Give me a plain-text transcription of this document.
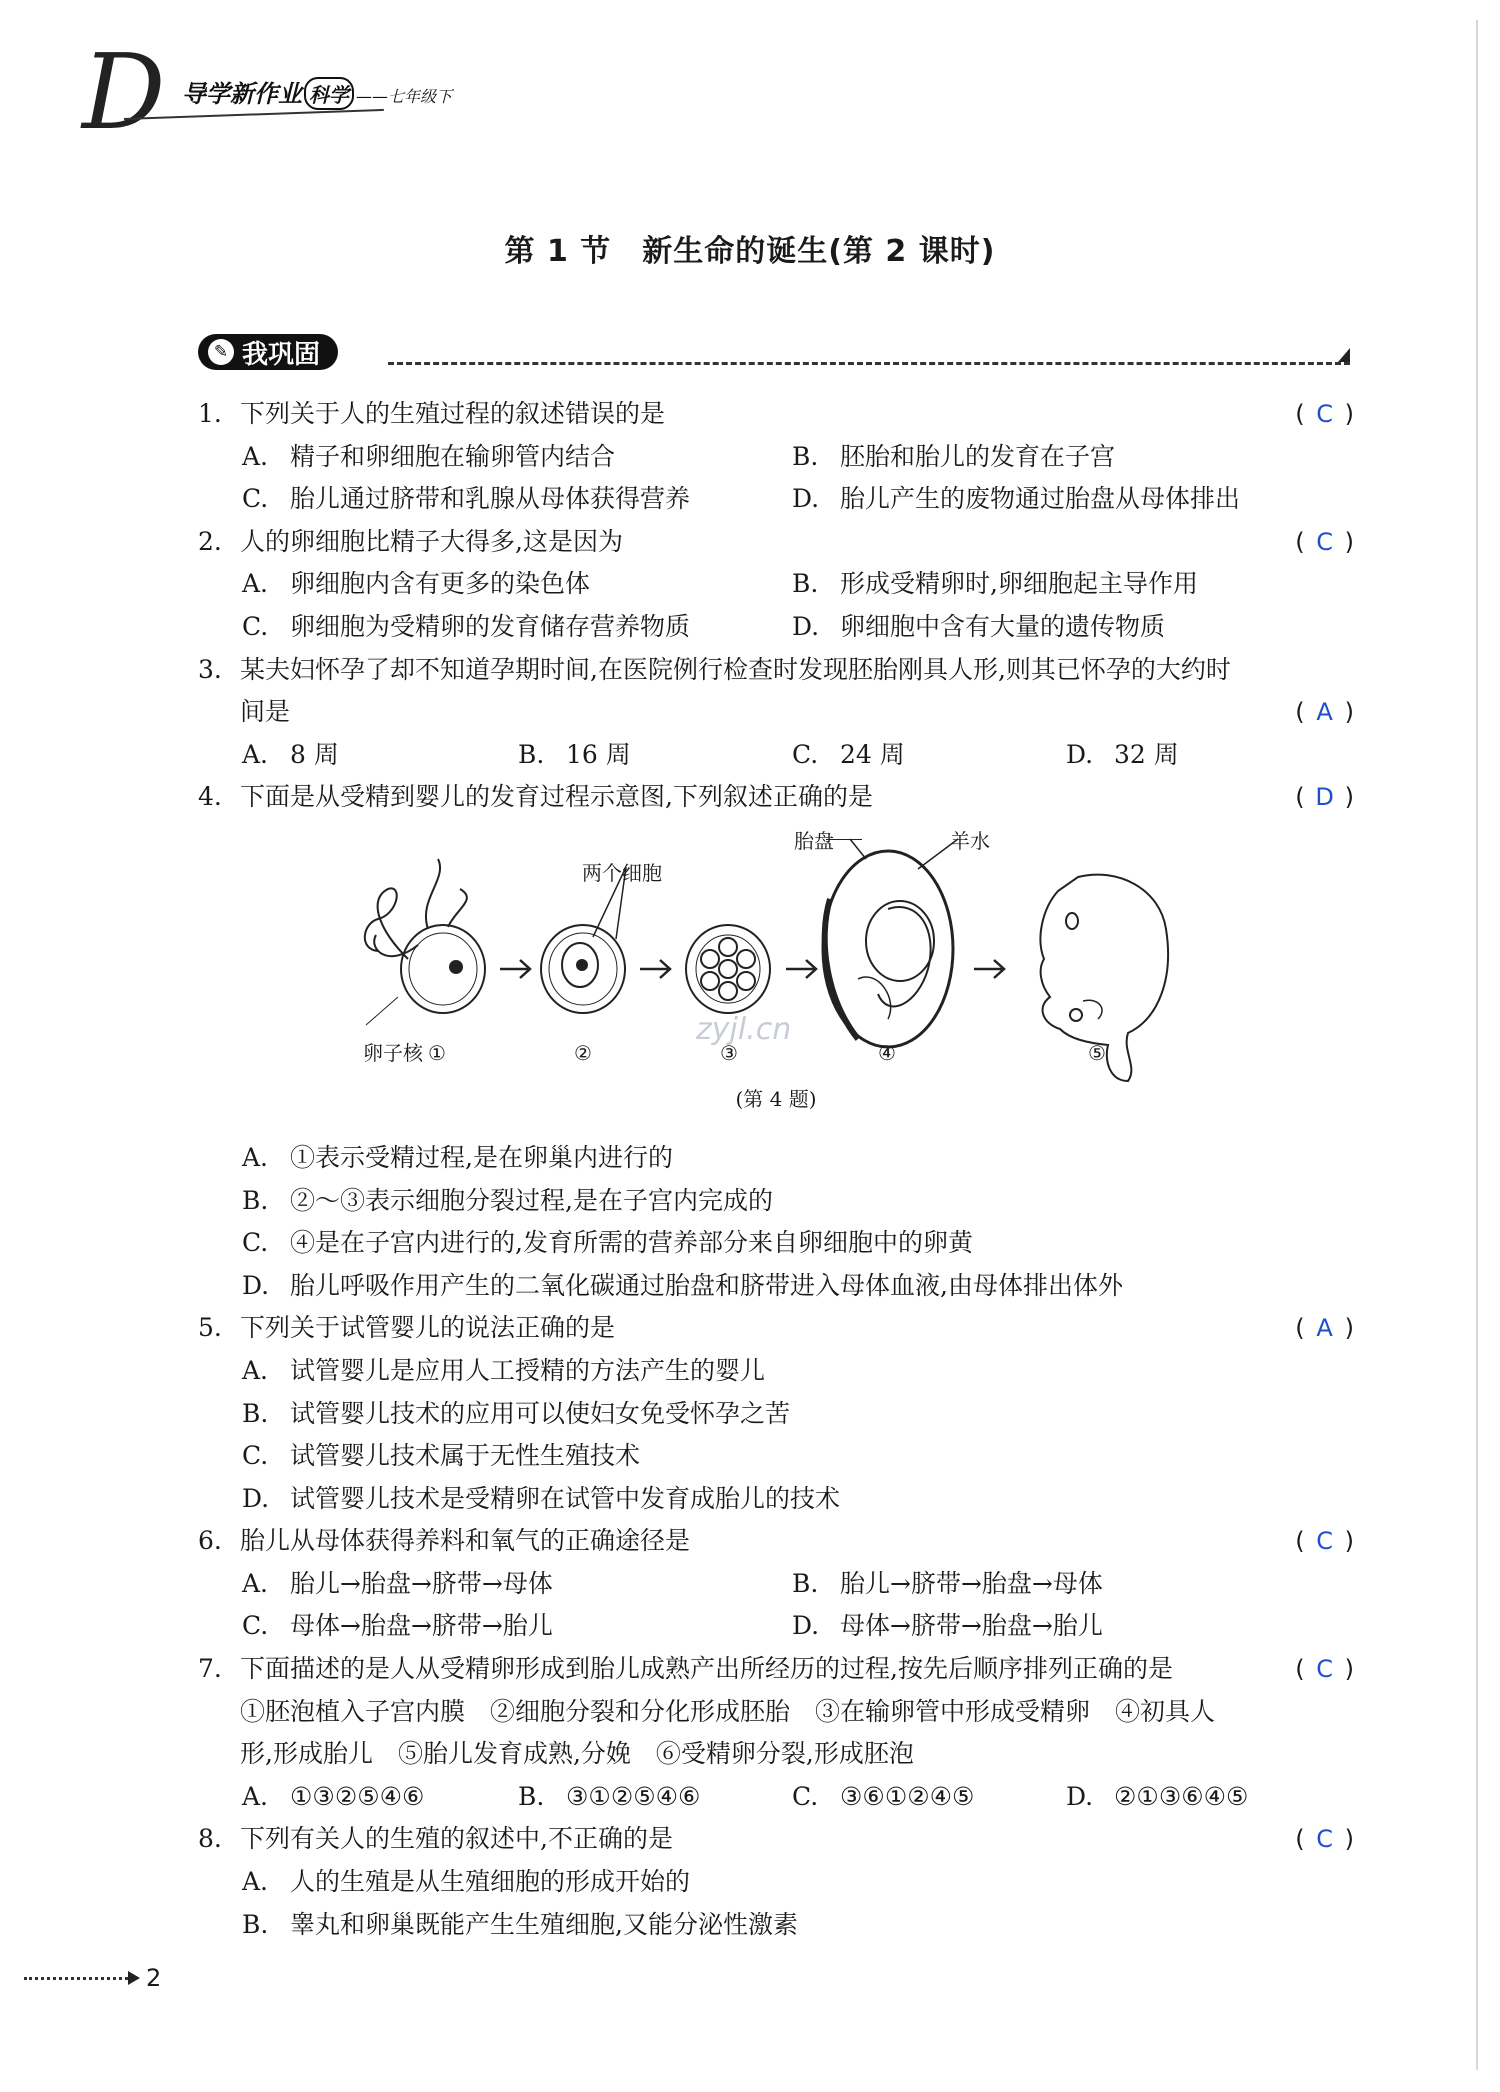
D 导学新作业 科学 ——七年级下
第 1 节　新生命的诞生(第 2 课时)
✎ 我巩固
1. 下列关于人的生殖过程的叙述错误的是	( C )
A. 精子和卵细胞在输卵管内结合	B. 胚胎和胎儿的发育在子宫
C. 胎儿通过脐带和乳腺从母体获得营养	D. 胎儿产生的废物通过胎盘从母体排出
2. 人的卵细胞比精子大得多,这是因为	( C )
A. 卵细胞内含有更多的染色体	B. 形成受精卵时,卵细胞起主导作用
C. 卵细胞为受精卵的发育储存营养物质	D. 卵细胞中含有大量的遗传物质
3. 某夫妇怀孕了却不知道孕期时间,在医院例行检查时发现胚胎刚具人形,则其已怀孕的大约时
间是	( A )
A. 8 周	B. 16 周	C. 24 周	D. 32 周
4. 下面是从受精到婴儿的发育过程示意图,下列叙述正确的是	( D )
zyjl.cn
胎盘	羊水
两个细胞
卵子核 ①	②	③	④	⑤
(第 4 题)
A. ①表示受精过程,是在卵巢内进行的
B. ②～③表示细胞分裂过程,是在子宫内完成的
C. ④是在子宫内进行的,发育所需的营养部分来自卵细胞中的卵黄
D. 胎儿呼吸作用产生的二氧化碳通过胎盘和脐带进入母体血液,由母体排出体外
5. 下列关于试管婴儿的说法正确的是	( A )
A. 试管婴儿是应用人工授精的方法产生的婴儿
B. 试管婴儿技术的应用可以使妇女免受怀孕之苦
C. 试管婴儿技术属于无性生殖技术
D. 试管婴儿技术是受精卵在试管中发育成胎儿的技术
6. 胎儿从母体获得养料和氧气的正确途径是	( C )
A. 胎儿→胎盘→脐带→母体	B. 胎儿→脐带→胎盘→母体
C. 母体→胎盘→脐带→胎儿	D. 母体→脐带→胎盘→胎儿
7. 下面描述的是人从受精卵形成到胎儿成熟产出所经历的过程,按先后顺序排列正确的是	( C )
①胚泡植入子宫内膜　②细胞分裂和分化形成胚胎　③在输卵管中形成受精卵　④初具人
形,形成胎儿　⑤胎儿发育成熟,分娩　⑥受精卵分裂,形成胚泡
A. ①③②⑤④⑥	B. ③①②⑤④⑥	C. ③⑥①②④⑤	D. ②①③⑥④⑤
8. 下列有关人的生殖的叙述中,不正确的是	( C )
A. 人的生殖是从生殖细胞的形成开始的
B. 睾丸和卵巢既能产生生殖细胞,又能分泌性激素
2
